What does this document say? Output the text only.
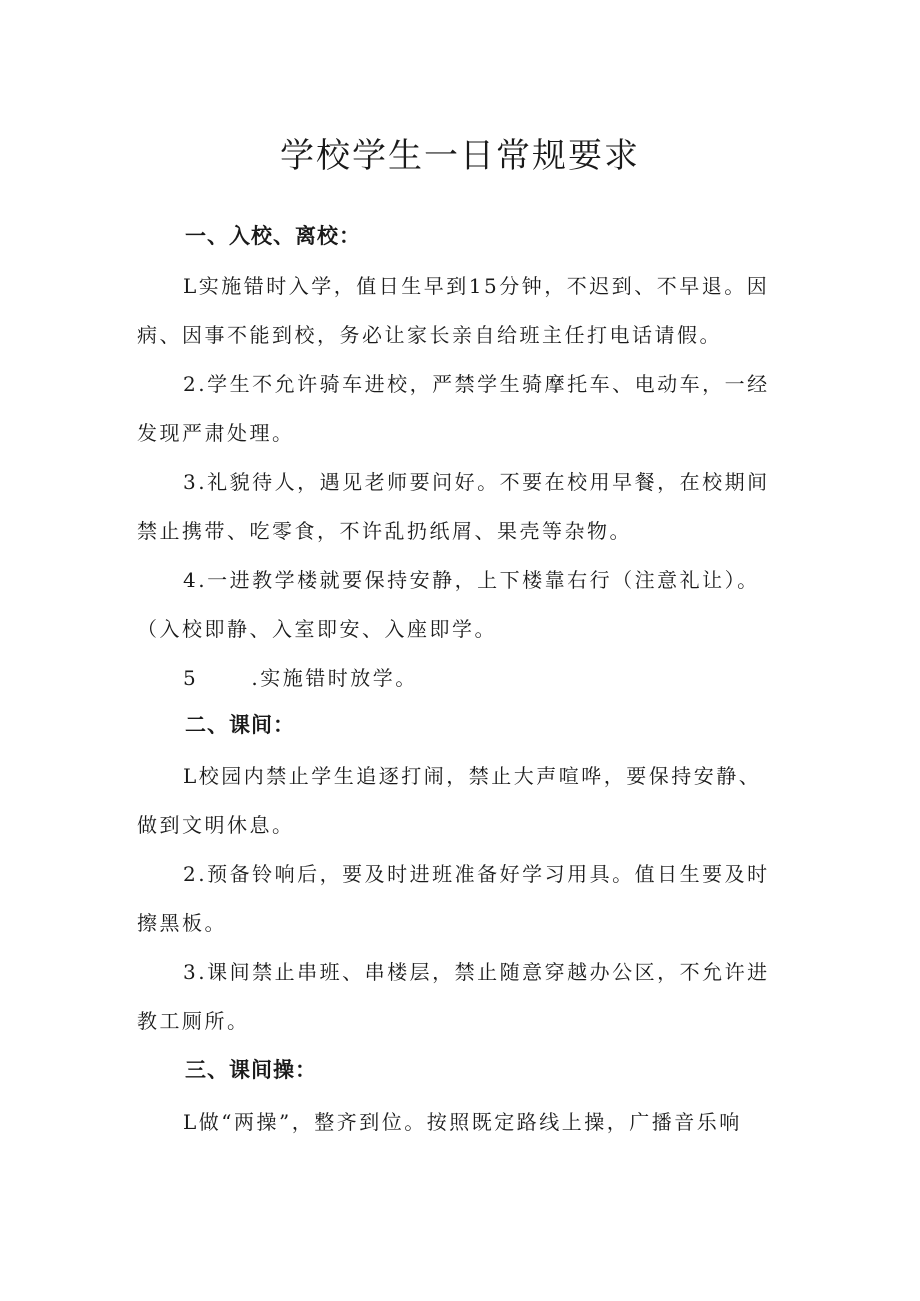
学校学生一日常规要求
一、入校、离校：

L实施错时入学，值日生早到15分钟，不迟到、不早退。因

病、因事不能到校，务必让家长亲自给班主任打电话请假。

2.学生不允许骑车进校，严禁学生骑摩托车、电动车，一经

发现严肃处理。

3.礼貌待人，遇见老师要问好。不要在校用早餐，在校期间

禁止携带、吃零食，不许乱扔纸屑、果壳等杂物。

4.一进教学楼就要保持安静，上下楼靠右行（注意礼让）。

（入校即静、入室即安、入座即学。

5      .实施错时放学。

二、课间：

L校园内禁止学生追逐打闹，禁止大声喧哗，要保持安静、

做到文明休息。

2.预备铃响后，要及时进班准备好学习用具。值日生要及时

擦黑板。

3.课间禁止串班、串楼层，禁止随意穿越办公区，不允许进

教工厕所。

三、课间操：

L做“两操”，整齐到位。按照既定路线上操，广播音乐响
